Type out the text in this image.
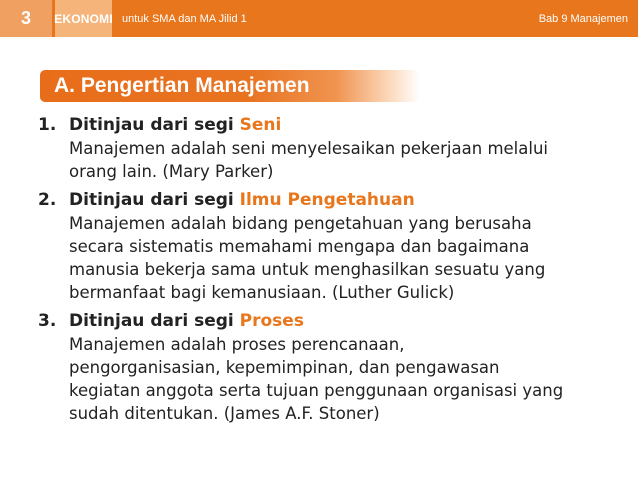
3	EKONOMI untuk SMA dan MA Jilid 1	Bab 9 Manajemen
A. Pengertian Manajemen
1. Ditinjau dari segi Seni
Manajemen adalah seni menyelesaikan pekerjaan melalui
orang lain. (Mary Parker)
2. Ditinjau dari segi Ilmu Pengetahuan
Manajemen adalah bidang pengetahuan yang berusaha
secara sistematis memahami mengapa dan bagaimana
manusia bekerja sama untuk menghasilkan sesuatu yang
bermanfaat bagi kemanusiaan. (Luther Gulick)
3. Ditinjau dari segi Proses
Manajemen adalah proses perencanaan,
pengorganisasian, kepemimpinan, dan pengawasan
kegiatan anggota serta tujuan penggunaan organisasi yang
sudah ditentukan. (James A.F. Stoner)
